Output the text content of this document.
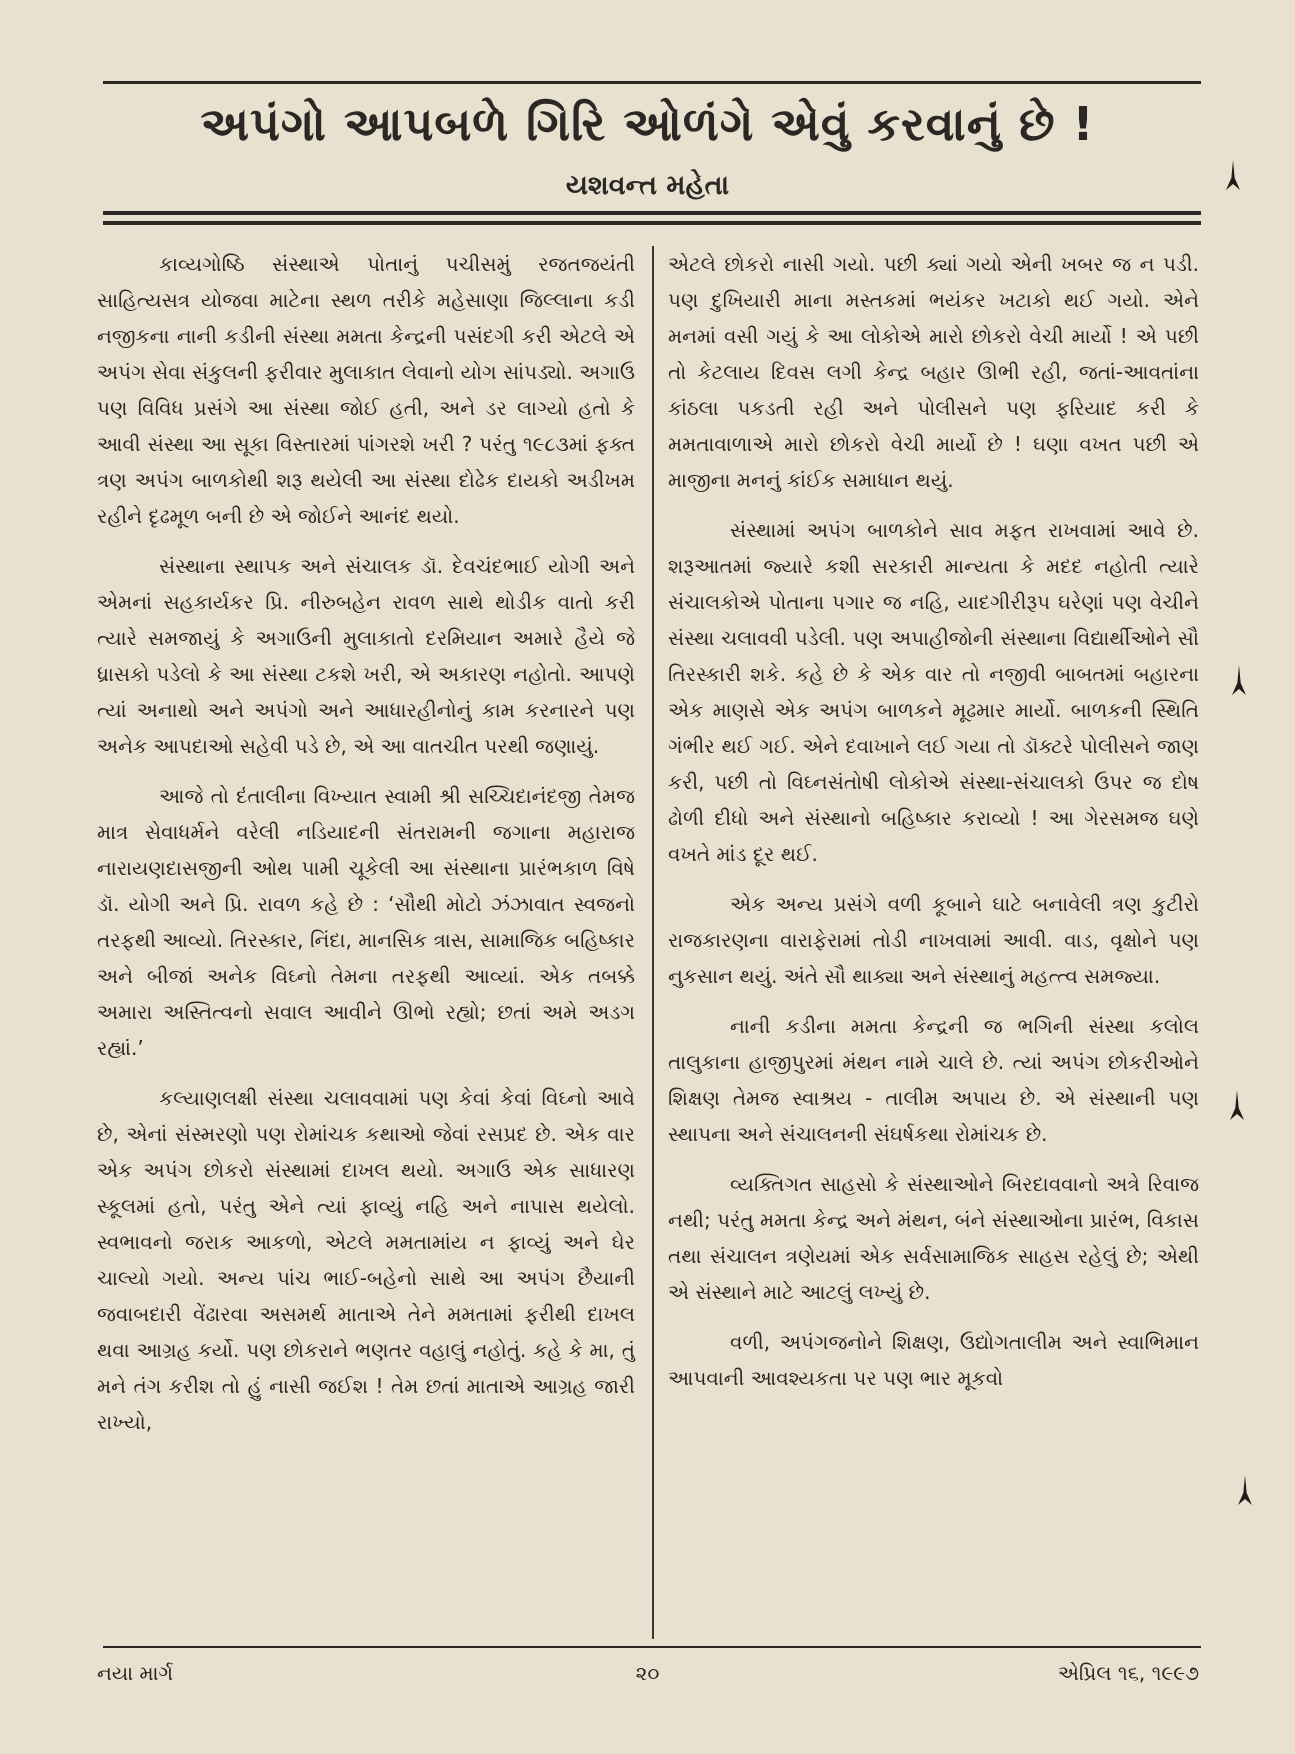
અપંગો આપબળે ગિરિ ઓળંગે એવું કરવાનું છે !
યશવન્ત મહેતા

કાવ્યગોષ્ઠિ સંસ્થાએ પોતાનું પચીસમું રજતજયંતી સાહિત્યસત્ર યોજવા માટેના સ્થળ તરીકે મહેસાણા જિલ્લાના કડી નજીકના નાની કડીની સંસ્થા મમતા કેન્દ્રની પસંદગી કરી એટલે એ અપંગ સેવા સંકુલની ફરીવાર મુલાકાત લેવાનો યોગ સાંપડ્યો. અગાઉ પણ વિવિધ પ્રસંગે આ સંસ્થા જોઈ હતી, અને ડર લાગ્યો હતો કે આવી સંસ્થા આ સૂકા વિસ્તારમાં પાંગરશે ખરી ? પરંતુ ૧૯૮૩માં ફક્ત ત્રણ અપંગ બાળકોથી શરૂ થયેલી આ સંસ્થા દોઢેક દાયકો અડીખમ રહીને દૃઢમૂળ બની છે એ જોઈને આનંદ થયો.

સંસ્થાના સ્થાપક અને સંચાલક ડૉ. દેવચંદભાઈ યોગી અને એમનાં સહકાર્યકર પ્રિ. નીરુબહેન રાવળ સાથે થોડીક વાતો કરી ત્યારે સમજાયું કે અગાઉની મુલાકાતો દરમિયાન અમારે હૈયે જે ધ્રાસકો પડેલો કે આ સંસ્થા ટકશે ખરી, એ અકારણ નહોતો. આપણે ત્યાં અનાથો અને અપંગો અને આધારહીનોનું કામ કરનારને પણ અનેક આપદાઓ સહેવી પડે છે, એ આ વાતચીત પરથી જણાયું.

આજે તો દંતાલીના વિખ્યાત સ્વામી શ્રી સચ્ચિદાનંદજી તેમજ માત્ર સેવાધર્મને વરેલી નડિયાદની સંતરામની જગાના મહારાજ નારાયણદાસજીની ઓથ પામી ચૂકેલી આ સંસ્થાના પ્રારંભકાળ વિષે ડૉ. યોગી અને પ્રિ. રાવળ કહે છે : ‘સૌથી મોટો ઝંઝાવાત સ્વજનો તરફથી આવ્યો. તિરસ્કાર, નિંદા, માનસિક ત્રાસ, સામાજિક બહિષ્કાર અને બીજાં અનેક વિઘ્નો તેમના તરફથી આવ્યાં. એક તબક્કે અમારા અસ્તિત્વનો સવાલ આવીને ઊભો રહ્યો; છતાં અમે અડગ રહ્યાં.’

કલ્યાણલક્ષી સંસ્થા ચલાવવામાં પણ કેવાં કેવાં વિઘ્નો આવે છે, એનાં સંસ્મરણો પણ રોમાંચક કથાઓ જેવાં રસપ્રદ છે. એક વાર એક અપંગ છોકરો સંસ્થામાં દાખલ થયો. અગાઉ એક સાધારણ સ્કૂલમાં હતો, પરંતુ એને ત્યાં ફાવ્યું નહિ અને નાપાસ થયેલો. સ્વભાવનો જરાક આકળો, એટલે મમતામાંય ન ફાવ્યું અને ઘેર ચાલ્યો ગયો. અન્ય પાંચ ભાઈ-બહેનો સાથે આ અપંગ છૈયાની જવાબદારી વેંઢારવા અસમર્થ માતાએ તેને મમતામાં ફરીથી દાખલ થવા આગ્રહ કર્યો. પણ છોકરાને ભણતર વહાલું નહોતું. કહે કે મા, તું મને તંગ કરીશ તો હું નાસી જઈશ ! તેમ છતાં માતાએ આગ્રહ જારી રાખ્યો,

એટલે છોકરો નાસી ગયો. પછી ક્યાં ગયો એની ખબર જ ન પડી. પણ દુખિયારી માના મસ્તકમાં ભયંકર ખટાકો થઈ ગયો. એને મનમાં વસી ગયું કે આ લોકોએ મારો છોકરો વેચી માર્યો ! એ પછી તો કેટલાય દિવસ લગી કેન્દ્ર બહાર ઊભી રહી, જતાં-આવતાંના કાંઠલા પકડતી રહી અને પોલીસને પણ ફરિયાદ કરી કે મમતાવાળાએ મારો છોકરો વેચી માર્યો છે ! ઘણા વખત પછી એ માજીના મનનું કાંઈક સમાધાન થયું.

સંસ્થામાં અપંગ બાળકોને સાવ મફત રાખવામાં આવે છે. શરૂઆતમાં જ્યારે કશી સરકારી માન્યતા કે મદદ નહોતી ત્યારે સંચાલકોએ પોતાના પગાર જ નહિ, યાદગીરીરૂપ ઘરેણાં પણ વેચીને સંસ્થા ચલાવવી પડેલી. પણ અપાહીજોની સંસ્થાના વિદ્યાર્થીઓને સૌ તિરસ્કારી શકે. કહે છે કે એક વાર તો નજીવી બાબતમાં બહારના એક માણસે એક અપંગ બાળકને મૂઢમાર માર્યો. બાળકની સ્થિતિ ગંભીર થઈ ગઈ. એને દવાખાને લઈ ગયા તો ડૉક્ટરે પોલીસને જાણ કરી, પછી તો વિઘ્નસંતોષી લોકોએ સંસ્થા-સંચાલકો ઉપર જ દોષ ઢોળી દીધો અને સંસ્થાનો બહિષ્કાર કરાવ્યો ! આ ગેરસમજ ઘણે વખતે માંડ દૂર થઈ.

એક અન્ય પ્રસંગે વળી કૂબાને ઘાટે બનાવેલી ત્રણ કુટીરો રાજકારણના વારાફેરામાં તોડી નાખવામાં આવી. વાડ, વૃક્ષોને પણ નુકસાન થયું. અંતે સૌ થાક્યા અને સંસ્થાનું મહત્ત્વ સમજ્યા.

નાની કડીના મમતા કેન્દ્રની જ ભગિની સંસ્થા કલોલ તાલુકાના હાજીપુરમાં મંથન નામે ચાલે છે. ત્યાં અપંગ છોકરીઓને શિક્ષણ તેમજ સ્વાશ્રય - તાલીમ અપાય છે. એ સંસ્થાની પણ સ્થાપના અને સંચાલનની સંઘર્ષકથા રોમાંચક છે.

વ્યક્તિગત સાહસો કે સંસ્થાઓને બિરદાવવાનો અત્રે રિવાજ નથી; પરંતુ મમતા કેન્દ્ર અને મંથન, બંને સંસ્થાઓના પ્રારંભ, વિકાસ તથા સંચાલન ત્રણેયમાં એક સર્વસામાજિક સાહસ રહેલું છે; એથી એ સંસ્થાને માટે આટલું લખ્યું છે.

વળી, અપંગજનોને શિક્ષણ, ઉદ્યોગતાલીમ અને સ્વાભિમાન આપવાની આવશ્યકતા પર પણ ભાર મૂકવો

નયા માર્ગ	૨૦	એપ્રિલ ૧૬, ૧૯૯૭
